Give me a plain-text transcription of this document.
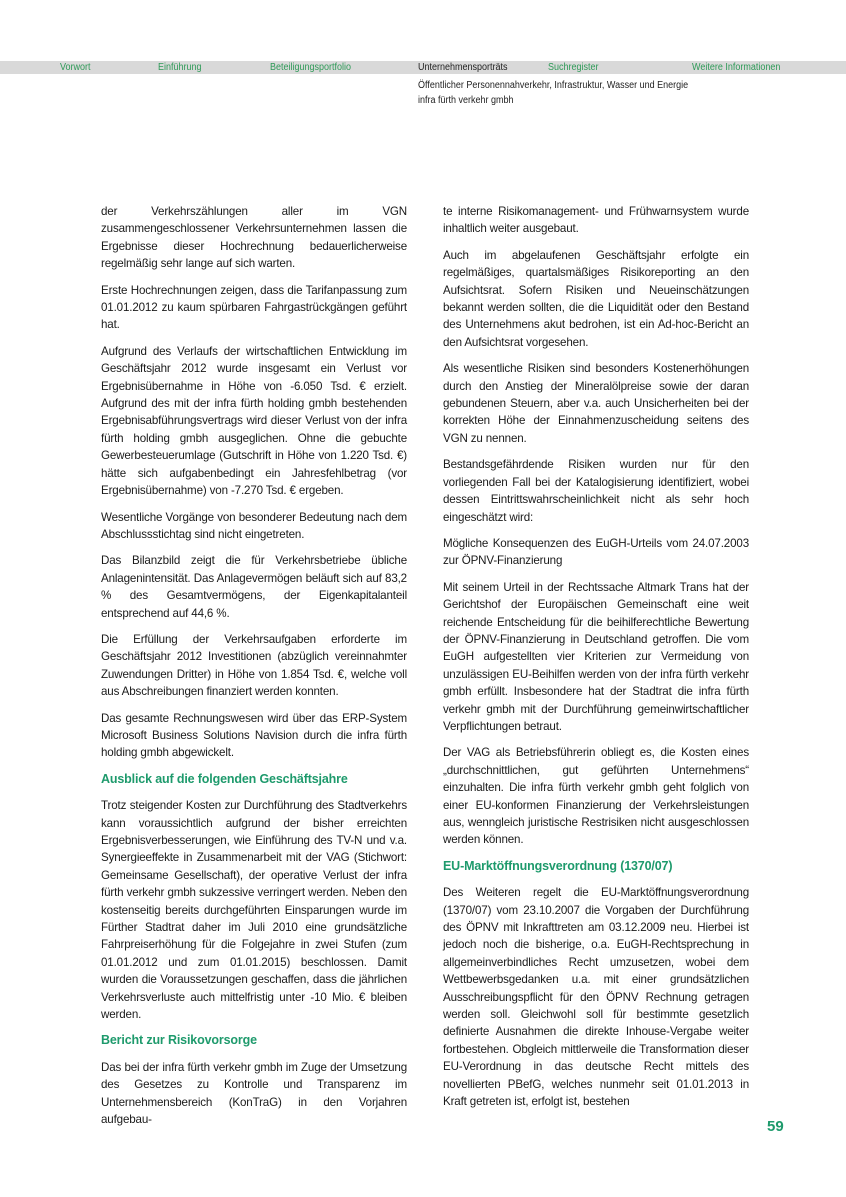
Vorwort	Einführung	Beteiligungsportfolio	Unternehmensporträts	Suchregister	Weitere Informationen
Öffentlicher Personennahverkehr, Infrastruktur, Wasser und Energie
infra fürth verkehr gmbh

der Verkehrszählungen aller im VGN zusammengeschlossener Verkehrsunternehmen lassen die Ergebnisse dieser Hochrechnung bedauerlicherweise regelmäßig sehr lange auf sich warten.

Erste Hochrechnungen zeigen, dass die Tarifanpassung zum 01.01.2012 zu kaum spürbaren Fahrgastrückgängen geführt hat.

Aufgrund des Verlaufs der wirtschaftlichen Entwicklung im Geschäftsjahr 2012 wurde insgesamt ein Verlust vor Ergebnisübernahme in Höhe von -6.050 Tsd. € erzielt. Aufgrund des mit der infra fürth holding gmbh bestehenden Ergebnisabführungsvertrags wird dieser Verlust von der infra fürth holding gmbh ausgeglichen. Ohne die gebuchte Gewerbesteuerumlage (Gutschrift in Höhe von 1.220 Tsd. €) hätte sich aufgabenbedingt ein Jahresfehlbetrag (vor Ergebnisübernahme) von -7.270 Tsd. € ergeben.

Wesentliche Vorgänge von besonderer Bedeutung nach dem Abschlussstichtag sind nicht eingetreten.

Das Bilanzbild zeigt die für Verkehrsbetriebe übliche Anlagenintensität. Das Anlagevermögen beläuft sich auf 83,2 % des Gesamtvermögens, der Eigenkapitalanteil entsprechend auf 44,6 %.

Die Erfüllung der Verkehrsaufgaben erforderte im Geschäftsjahr 2012 Investitionen (abzüglich vereinnahmter Zuwendungen Dritter) in Höhe von 1.854 Tsd. €, welche voll aus Abschreibungen finanziert werden konnten.

Das gesamte Rechnungswesen wird über das ERP-System Microsoft Business Solutions Navision durch die infra fürth holding gmbh abgewickelt.

Ausblick auf die folgenden Geschäftsjahre

Trotz steigender Kosten zur Durchführung des Stadtverkehrs kann voraussichtlich aufgrund der bisher erreichten Ergebnisverbesserungen, wie Einführung des TV-N und v.a. Synergieeffekte in Zusammenarbeit mit der VAG (Stichwort: Gemeinsame Gesellschaft), der operative Verlust der infra fürth verkehr gmbh sukzessive verringert werden. Neben den kostenseitig bereits durchgeführten Einsparungen wurde im Fürther Stadtrat daher im Juli 2010 eine grundsätzliche Fahrpreiserhöhung für die Folgejahre in zwei Stufen (zum 01.01.2012 und zum 01.01.2015) beschlossen. Damit wurden die Voraussetzungen geschaffen, dass die jährlichen Verkehrsverluste auch mittelfristig unter -10 Mio. € bleiben werden.

Bericht zur Risikovorsorge

Das bei der infra fürth verkehr gmbh im Zuge der Umsetzung des Gesetzes zu Kontrolle und Transparenz im Unternehmensbereich (KonTraG) in den Vorjahren aufgebau-

te interne Risikomanagement- und Frühwarnsystem wurde inhaltlich weiter ausgebaut.

Auch im abgelaufenen Geschäftsjahr erfolgte ein regelmäßiges, quartalsmäßiges Risikoreporting an den Aufsichtsrat. Sofern Risiken und Neueinschätzungen bekannt werden sollten, die die Liquidität oder den Bestand des Unternehmens akut bedrohen, ist ein Ad-hoc-Bericht an den Aufsichtsrat vorgesehen.

Als wesentliche Risiken sind besonders Kostenerhöhungen durch den Anstieg der Mineralölpreise sowie der daran gebundenen Steuern, aber v.a. auch Unsicherheiten bei der korrekten Höhe der Einnahmenzuscheidung seitens des VGN zu nennen.

Bestandsgefährdende Risiken wurden nur für den vorliegenden Fall bei der Katalogisierung identifiziert, wobei dessen Eintrittswahrscheinlichkeit nicht als sehr hoch eingeschätzt wird:

Mögliche Konsequenzen des EuGH-Urteils vom 24.07.2003 zur ÖPNV-Finanzierung

Mit seinem Urteil in der Rechtssache Altmark Trans hat der Gerichtshof der Europäischen Gemeinschaft eine weit reichende Entscheidung für die beihilferechtliche Bewertung der ÖPNV-Finanzierung in Deutschland getroffen. Die vom EuGH aufgestellten vier Kriterien zur Vermeidung von unzulässigen EU-Beihilfen werden von der infra fürth verkehr gmbh erfüllt. Insbesondere hat der Stadtrat die infra fürth verkehr gmbh mit der Durchführung gemeinwirtschaftlicher Verpflichtungen betraut.

Der VAG als Betriebsführerin obliegt es, die Kosten eines „durchschnittlichen, gut geführten Unternehmens“ einzuhalten. Die infra fürth verkehr gmbh geht folglich von einer EU-konformen Finanzierung der Verkehrsleistungen aus, wenngleich juristische Restrisiken nicht ausgeschlossen werden können.

EU-Marktöffnungsverordnung (1370/07)

Des Weiteren regelt die EU-Marktöffnungsverordnung (1370/07) vom 23.10.2007 die Vorgaben der Durchführung des ÖPNV mit Inkrafttreten am 03.12.2009 neu. Hierbei ist jedoch noch die bisherige, o.a. EuGH-Rechtsprechung in allgemeinverbindliches Recht umzusetzen, wobei dem Wettbewerbsgedanken u.a. mit einer grundsätzlichen Ausschreibungspflicht für den ÖPNV Rechnung getragen werden soll. Gleichwohl soll für bestimmte gesetzlich definierte Ausnahmen die direkte Inhouse-Vergabe weiter fortbestehen. Obgleich mittlerweile die Transformation dieser EU-Verordnung in das deutsche Recht mittels des novellierten PBefG, welches nunmehr seit 01.01.2013 in Kraft getreten ist, erfolgt ist, bestehen

59
